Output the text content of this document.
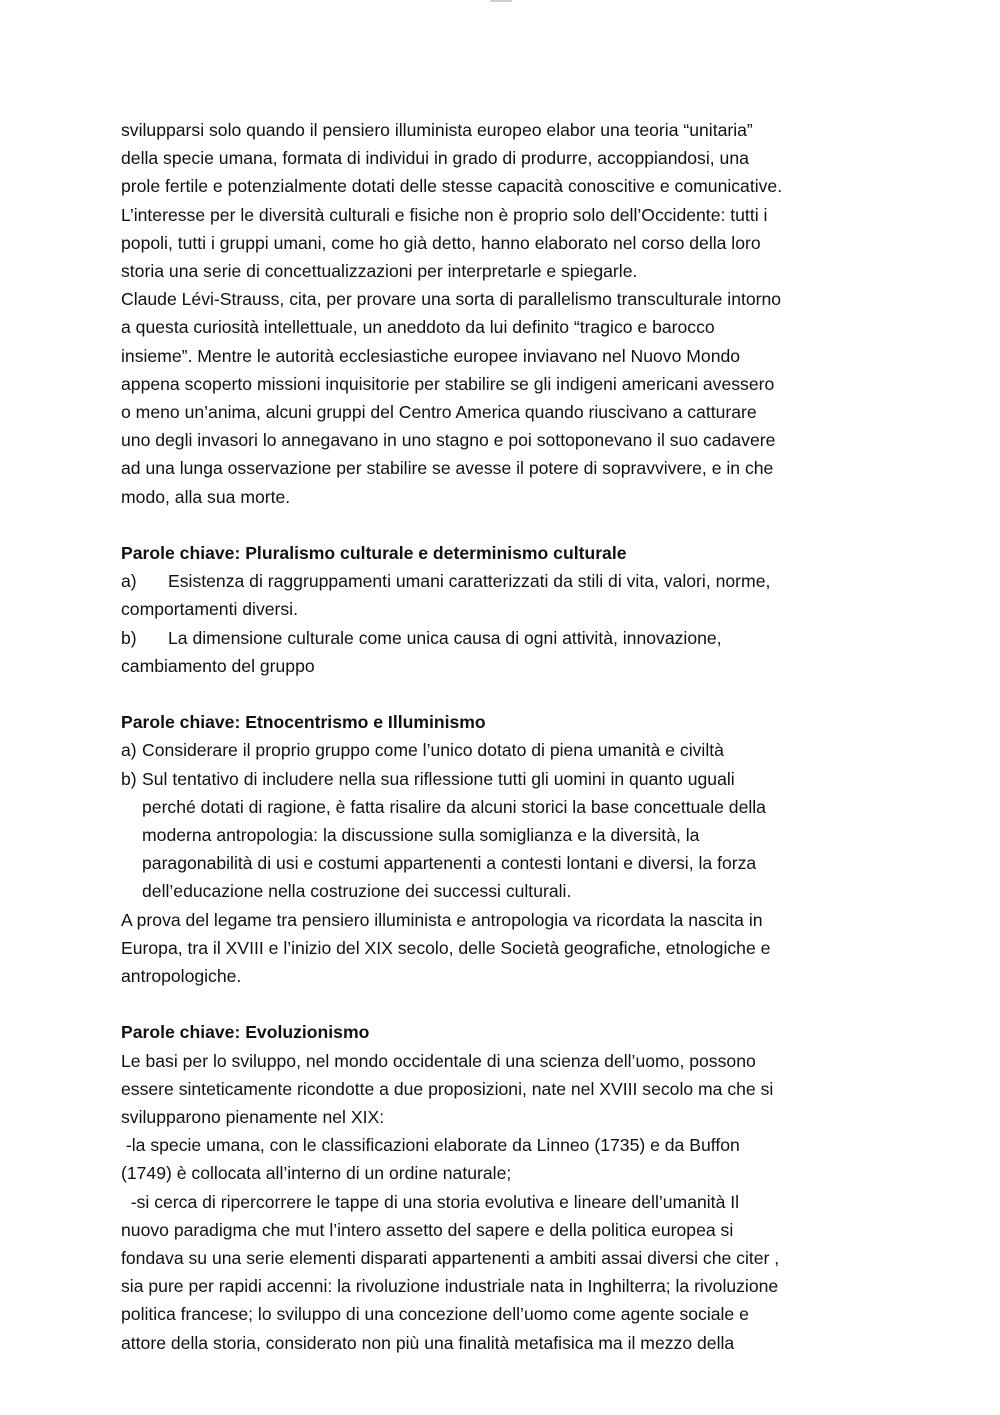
svilupparsi solo quando il pensiero illuminista europeo elabor una teoria “unitaria”
della specie umana, formata di individui in grado di produrre, accoppiandosi, una
prole fertile e potenzialmente dotati delle stesse capacità conoscitive e comunicative.
L’interesse per le diversità culturali e fisiche non è proprio solo dell’Occidente: tutti i
popoli, tutti i gruppi umani, come ho già detto, hanno elaborato nel corso della loro
storia una serie di concettualizzazioni per interpretarle e spiegarle.
Claude Lévi-Strauss, cita, per provare una sorta di parallelismo transculturale intorno
a questa curiosità intellettuale, un aneddoto da lui definito “tragico e barocco
insieme”. Mentre le autorità ecclesiastiche europee inviavano nel Nuovo Mondo
appena scoperto missioni inquisitorie per stabilire se gli indigeni americani avessero
o meno un’anima, alcuni gruppi del Centro America quando riuscivano a catturare
uno degli invasori lo annegavano in uno stagno e poi sottoponevano il suo cadavere
ad una lunga osservazione per stabilire se avesse il potere di sopravvivere, e in che
modo, alla sua morte.
Parole chiave: Pluralismo culturale e determinismo culturale
a) Esistenza di raggruppamenti umani caratterizzati da stili di vita, valori, norme,
comportamenti diversi.
b) La dimensione culturale come unica causa di ogni attività, innovazione,
cambiamento del gruppo
Parole chiave: Etnocentrismo e Illuminismo
a) Considerare il proprio gruppo come l’unico dotato di piena umanità e civiltà
b) Sul tentativo di includere nella sua riflessione tutti gli uomini in quanto uguali
perché dotati di ragione, è fatta risalire da alcuni storici la base concettuale della
moderna antropologia: la discussione sulla somiglianza e la diversità, la
paragonabilità di usi e costumi appartenenti a contesti lontani e diversi, la forza
dell’educazione nella costruzione dei successi culturali.
A prova del legame tra pensiero illuminista e antropologia va ricordata la nascita in
Europa, tra il XVIII e l’inizio del XIX secolo, delle Società geografiche, etnologiche e
antropologiche.
Parole chiave: Evoluzionismo
Le basi per lo sviluppo, nel mondo occidentale di una scienza dell’uomo, possono
essere sinteticamente ricondotte a due proposizioni, nate nel XVIII secolo ma che si
svilupparono pienamente nel XIX:
-la specie umana, con le classificazioni elaborate da Linneo (1735) e da Buffon
(1749) è collocata all’interno di un ordine naturale;
-si cerca di ripercorrere le tappe di una storia evolutiva e lineare dell’umanità Il
nuovo paradigma che mut l’intero assetto del sapere e della politica europea si
fondava su una serie elementi disparati appartenenti a ambiti assai diversi che citer ,
sia pure per rapidi accenni: la rivoluzione industriale nata in Inghilterra; la rivoluzione
politica francese; lo sviluppo di una concezione dell’uomo come agente sociale e
attore della storia, considerato non più una finalità metafisica ma il mezzo della
